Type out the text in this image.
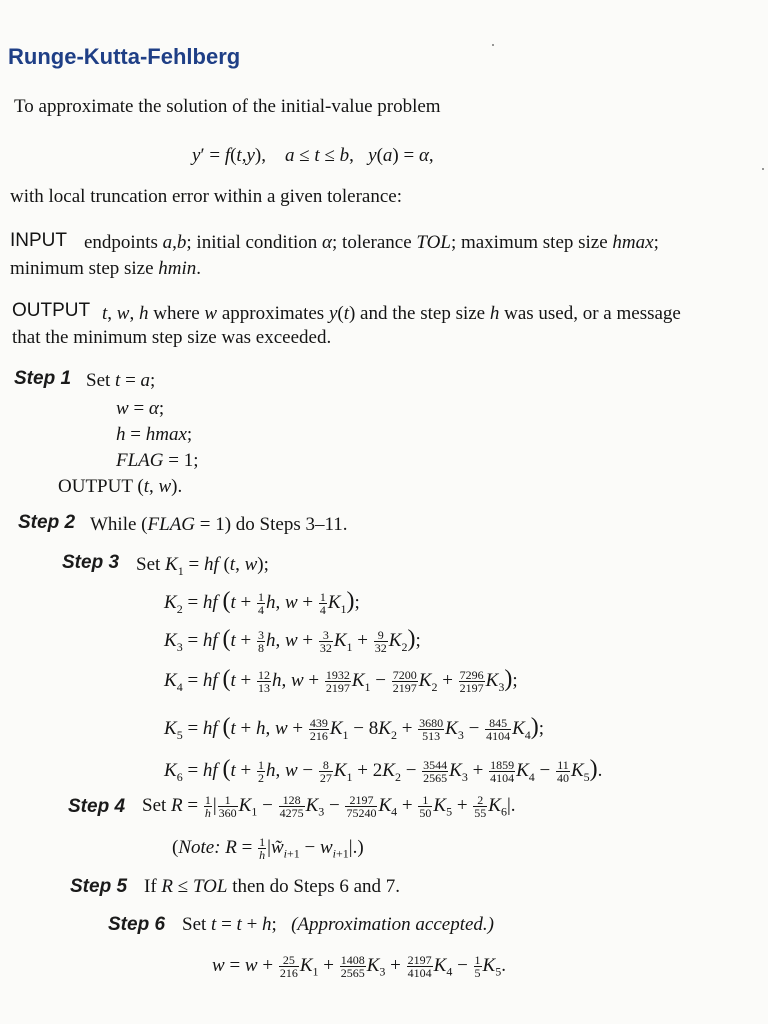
Runge-Kutta-Fehlberg
To approximate the solution of the initial-value problem
y′ = f(t,y),    a ≤ t ≤ b,   y(a) = α,
with local truncation error within a given tolerance:
INPUT endpoints a,b; initial condition α; tolerance TOL; maximum step size hmax;
minimum step size hmin.
OUTPUT t, w, h where w approximates y(t) and the step size h was used, or a message
that the minimum step size was exceeded.
Step 1 Set t = a;
w = α;
h = hmax;
FLAG = 1;
OUTPUT (t, w).
Step 2 While (FLAG = 1) do Steps 3–11.
Step 3 Set $K_1$ = hf (t, w);
$K_2$ = hf ($t + \frac{1}{4} h$, $w + \frac{1}{4} K_1$);
$K_3$ = hf ($t + \frac{3}{8} h$, $w + \frac{3}{32} K_1 + \frac{9}{32} K_2$);
$K_4$ = hf ($t + \frac{12}{13} h$, $w + \frac{1932}{2197} K_1 - \frac{7200}{2197} K_2 + \frac{7296}{2197} K_3$);
$K_5$ = hf (t + h, $w + \frac{439}{216} K_1 - 8K_2 + \frac{3680}{513} K_3 - \frac{845}{4104} K_4$);
$K_6$ = hf ($t + \frac{1}{2} h$, $w - \frac{8}{27} K_1 + 2K_2 - \frac{3544}{2565} K_3 + \frac{1859}{4104} K_4 - \frac{11}{40} K_5$).
Step 4 Set $R = \frac{1}{h}$ | $\frac{1}{360} K_1 - \frac{128}{4275} K_3 - \frac{2197}{75240} K_4 + \frac{1}{50} K_5 + \frac{2}{55} K_6|$.
(Note: $R = \frac{1}{h}$ $|w̃_{i+1} - w_{i+1}|$.)
Step 5 If R ≤ TOL then do Steps 6 and 7.
Step 6 Set t = t + h;   (Approximation accepted.)
$w = w + \frac{25}{216} K_1 + \frac{1408}{2565} K_3 + \frac{2197}{4104} K_4 - \frac{1}{5} K_5$.
